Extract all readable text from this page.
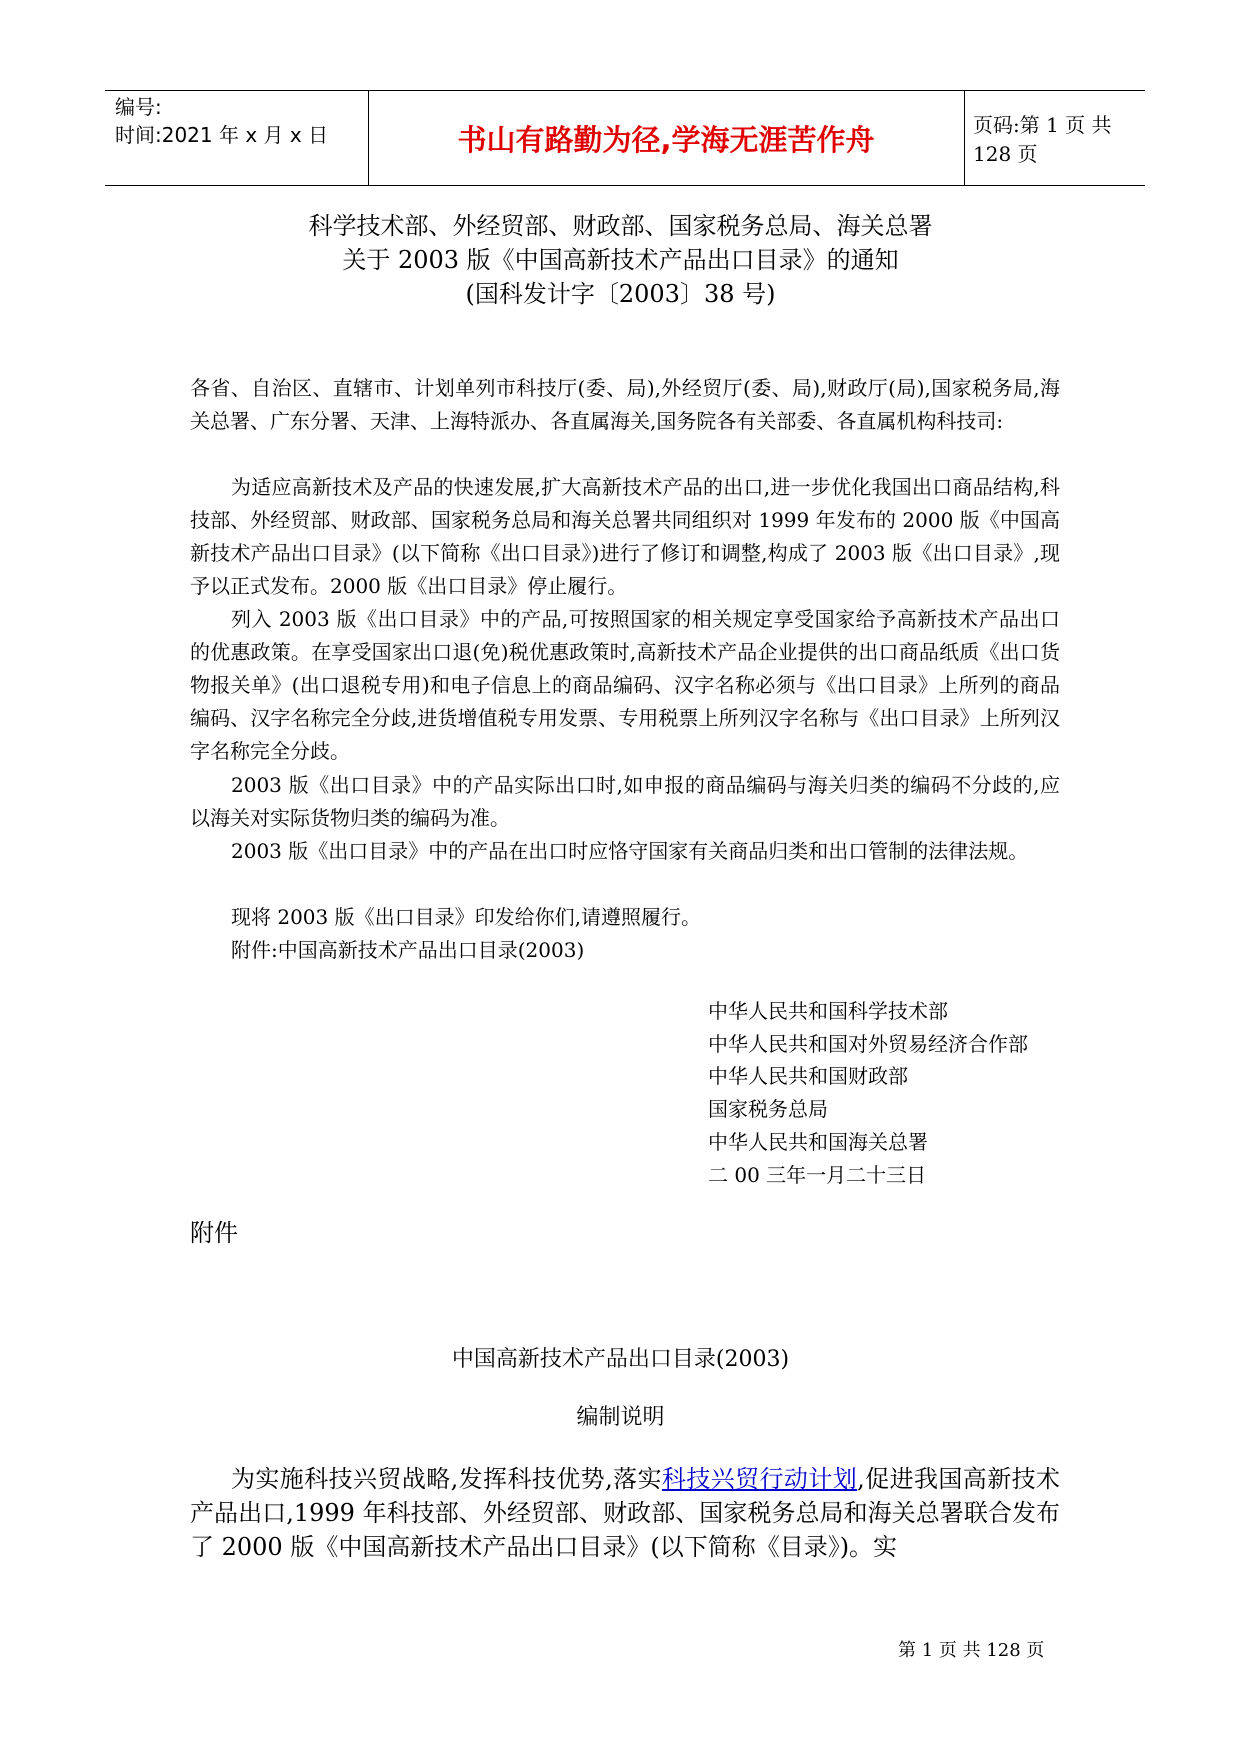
编号:
时间:2021 年 x 月 x 日	书山有路勤为径,学海无涯苦作舟	页码:第 1 页 共 128 页
科学技术部、外经贸部、财政部、国家税务总局、海关总署
关于 2003 版《中国高新技术产品出口目录》的通知
(国科发计字〔2003〕38 号)
各省、自治区、直辖市、计划单列市科技厅(委、局),外经贸厅(委、局),财政厅(局),国家税务局,海关总署、广东分署、天津、上海特派办、各直属海关,国务院各有关部委、各直属机构科技司:
为适应高新技术及产品的快速发展,扩大高新技术产品的出口,进一步优化我国出口商品结构,科技部、外经贸部、财政部、国家税务总局和海关总署共同组织对 1999 年发布的 2000 版《中国高新技术产品出口目录》(以下简称《出口目录》)进行了修订和调整,构成了 2003 版《出口目录》,现予以正式发布。2000 版《出口目录》停止履行。
列入 2003 版《出口目录》中的产品,可按照国家的相关规定享受国家给予高新技术产品出口的优惠政策。在享受国家出口退(免)税优惠政策时,高新技术产品企业提供的出口商品纸质《出口货物报关单》(出口退税专用)和电子信息上的商品编码、汉字名称必须与《出口目录》上所列的商品编码、汉字名称完全分歧,进货增值税专用发票、专用税票上所列汉字名称与《出口目录》上所列汉字名称完全分歧。
2003 版《出口目录》中的产品实际出口时,如申报的商品编码与海关归类的编码不分歧的,应以海关对实际货物归类的编码为准。
2003 版《出口目录》中的产品在出口时应恪守国家有关商品归类和出口管制的法律法规。
现将 2003 版《出口目录》印发给你们,请遵照履行。
附件:中国高新技术产品出口目录(2003)
中华人民共和国科学技术部
中华人民共和国对外贸易经济合作部
中华人民共和国财政部
国家税务总局
中华人民共和国海关总署
二 00 三年一月二十三日
附件
中国高新技术产品出口目录(2003)
编制说明
为实施科技兴贸战略,发挥科技优势,落实科技兴贸行动计划,促进我国高新技术产品出口,1999 年科技部、外经贸部、财政部、国家税务总局和海关总署联合发布了 2000 版《中国高新技术产品出口目录》(以下简称《目录》)。实
第 1 页 共 128 页
